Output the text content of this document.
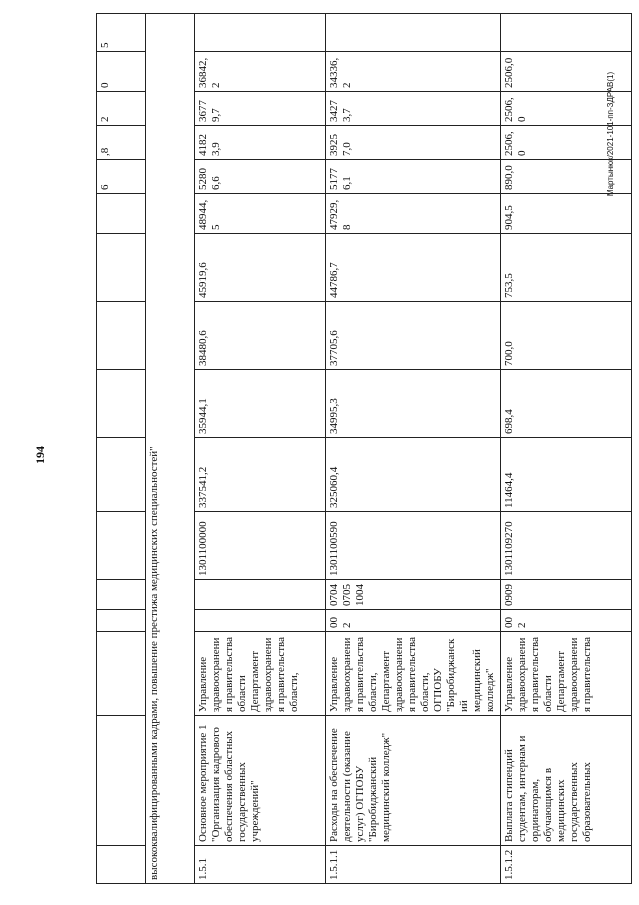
194
Мартынюк/2021-101-пп-ЗДРАВ(1)
											6	,8	2	0	5
высококвалифицированными кадрами, повышение престижа медицинских специальностей"															
1.5.1	Основное мероприятие 1 "Организация кадрового обеспечения областных государственных учреждений"	Управление здравоохранения правительства области Департамент здравоохранения правительства области,			1301100000	337541,2	35944,1	38480,6	45919,6	48944,5	52806,6	41823,9	36779,7	36842,2	
1.5.1.1	Расходы на обеспечение деятельности (оказание услуг) ОГПОБУ "Биробиджанский медицинский колледж"	Управление здравоохранения правительства области, Департамент здравоохранения правительства области, ОГПОБУ "Биробиджанский медицинский колледж"	002	0704 0705 1004	1301100590	325060,4	34995,3	37705,6	44786,7	47929,8	51776,1	39257,0	34273,7	34336,2	
1.5.1.2	Выплата стипендий студентам, интернам и ординаторам, обучающимся в медицинских государственных образовательных	Управление здравоохранения правительства области Департамент здравоохранения правительства	002	0909	1301109270	11464,4	698,4	700,0	753,5	904,5	890,0	2506,0	2506,0	2506,0	
